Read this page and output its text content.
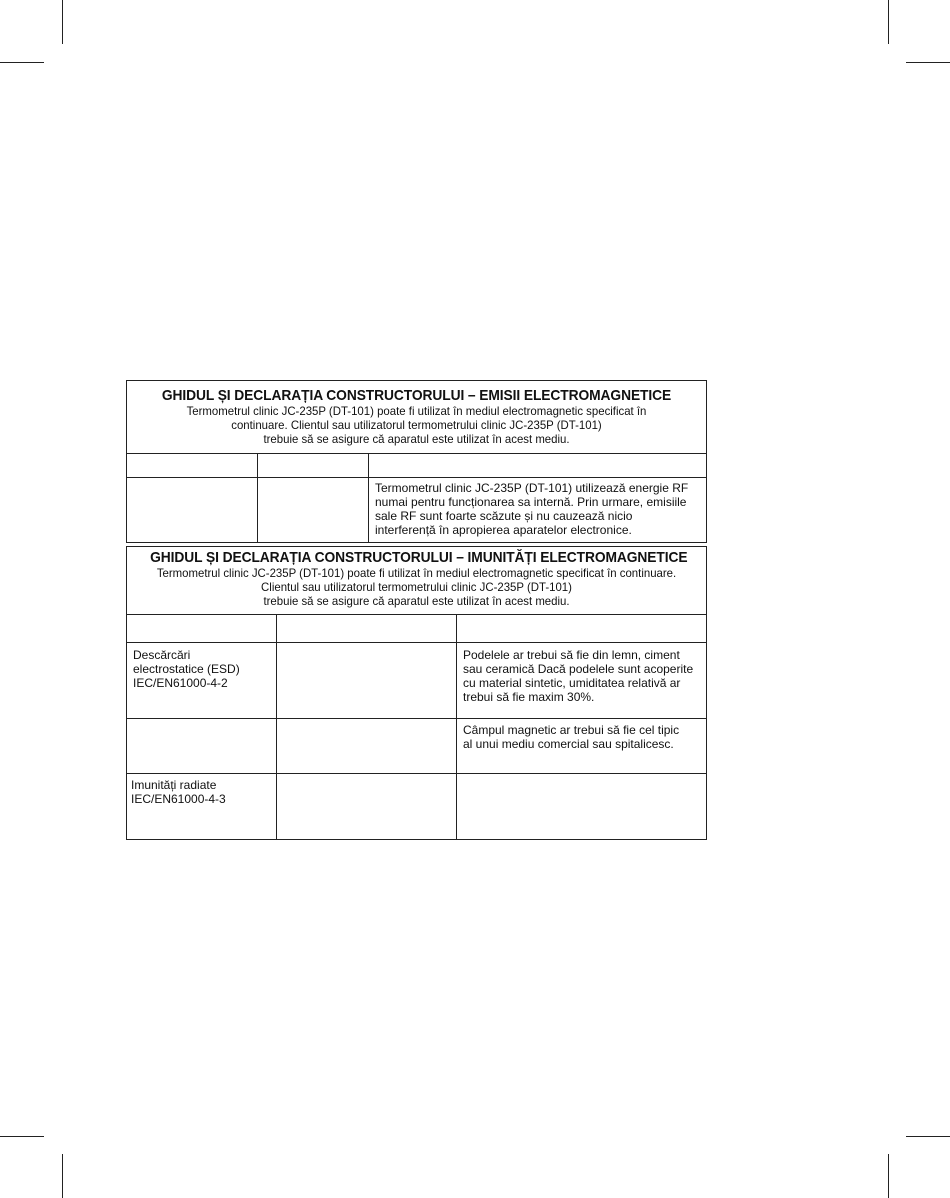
GHIDUL ȘI DECLARAȚIA CONSTRUCTORULUI – EMISII ELECTROMAGNETICE
Termometrul clinic JC-235P (DT-101) poate fi utilizat în mediul electromagnetic specificat în
continuare. Clientul sau utilizatorul termometrului clinic JC-235P (DT-101)
trebuie să se asigure că aparatul este utilizat în acest mediu.
Termometrul clinic JC-235P (DT-101) utilizează energie RF
numai pentru funcționarea sa internă. Prin urmare, emisiile
sale RF sunt foarte scăzute și nu cauzează nicio
interferență în apropierea aparatelor electronice.
GHIDUL ȘI DECLARAȚIA CONSTRUCTORULUI – IMUNITĂȚI ELECTROMAGNETICE
Termometrul clinic JC-235P (DT-101) poate fi utilizat în mediul electromagnetic specificat în continuare.
Clientul sau utilizatorul termometrului clinic JC-235P (DT-101)
trebuie să se asigure că aparatul este utilizat în acest mediu.
Descărcări
electrostatice (ESD)
IEC/EN61000-4-2
Podelele ar trebui să fie din lemn, ciment
sau ceramică Dacă podelele sunt acoperite
cu material sintetic, umiditatea relativă ar
trebui să fie maxim 30%.
Câmpul magnetic ar trebui să fie cel tipic
al unui mediu comercial sau spitalicesc.
Imunități radiate
IEC/EN61000-4-3
